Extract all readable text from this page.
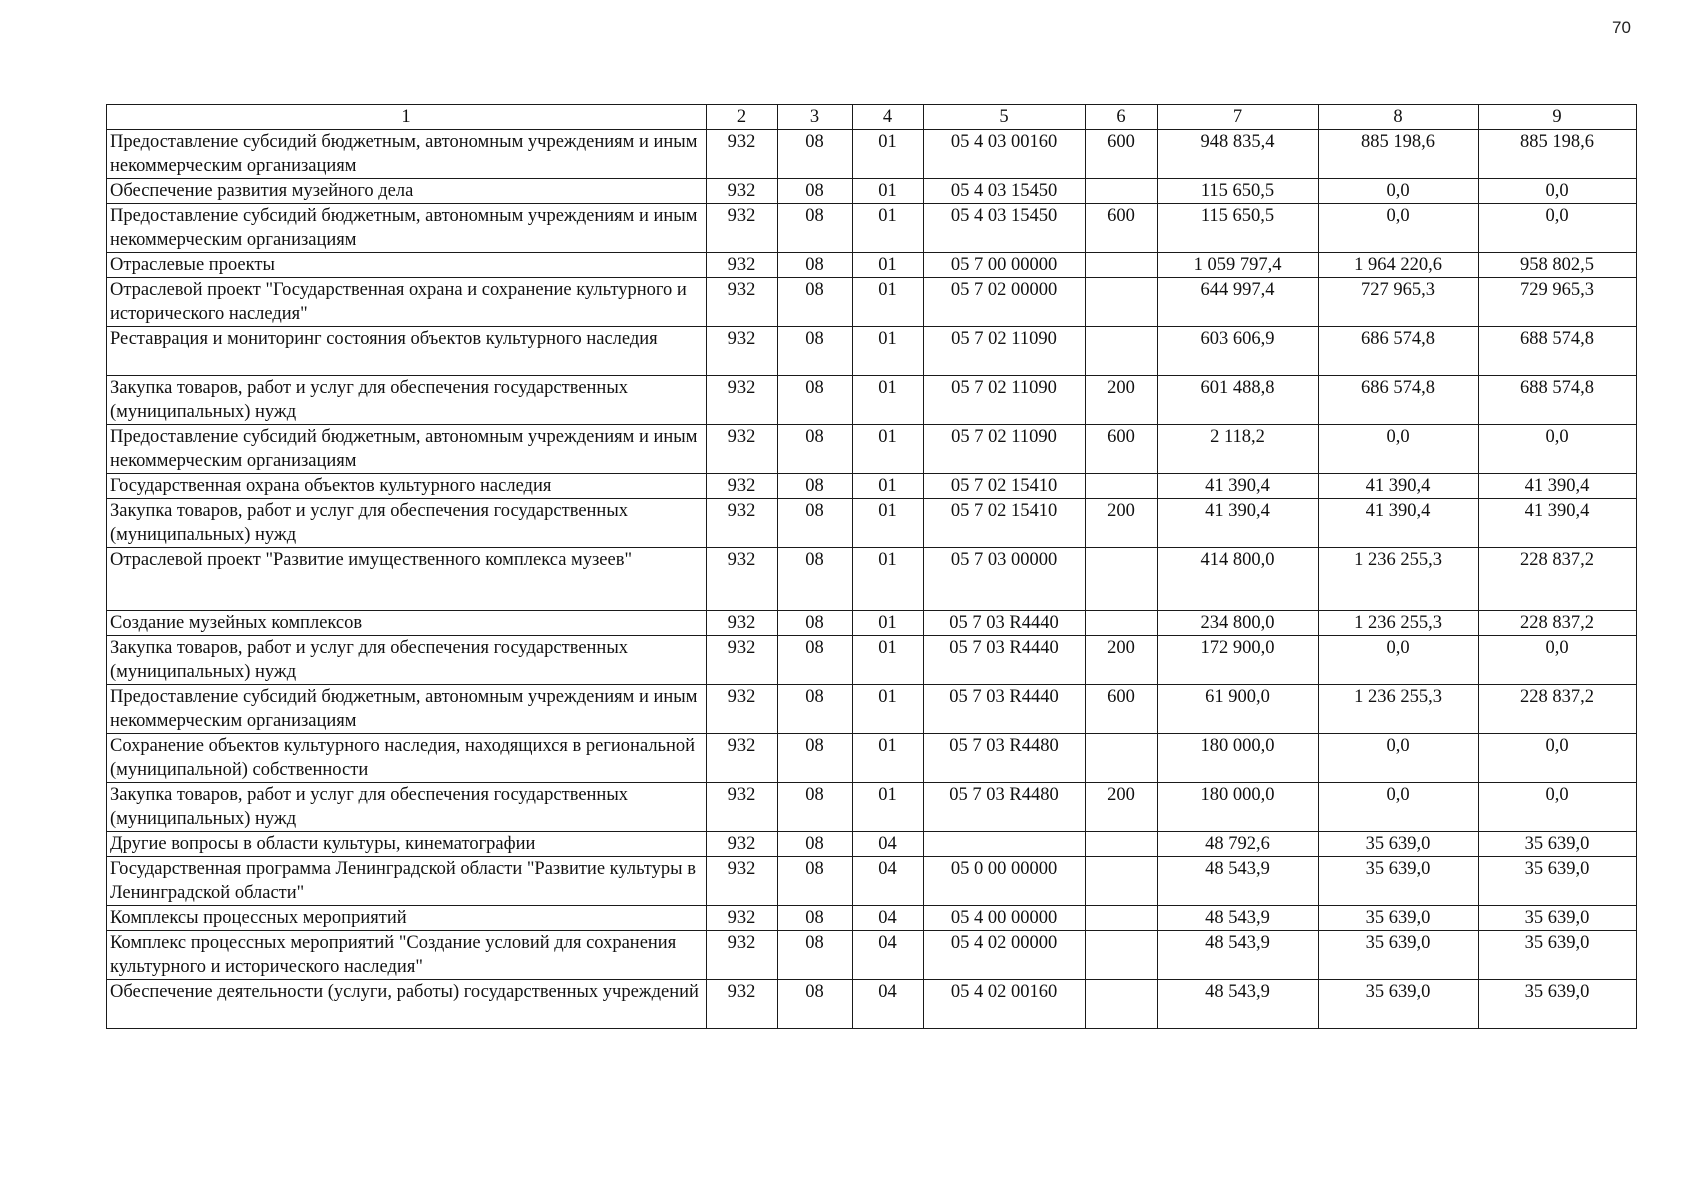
70
1	2	3	4	5	6	7	8	9
Предоставление субсидий бюджетным, автономным учреждениям и иным некоммерческим организациям	932	08	01	05 4 03 00160	600	948 835,4	885 198,6	885 198,6
Обеспечение развития музейного дела	932	08	01	05 4 03 15450		115 650,5	0,0	0,0
Предоставление субсидий бюджетным, автономным учреждениям и иным некоммерческим организациям	932	08	01	05 4 03 15450	600	115 650,5	0,0	0,0
Отраслевые проекты	932	08	01	05 7 00 00000		1 059 797,4	1 964 220,6	958 802,5
Отраслевой проект "Государственная охрана и сохранение культурного и исторического наследия"	932	08	01	05 7 02 00000		644 997,4	727 965,3	729 965,3
Реставрация и мониторинг состояния объектов культурного наследия	932	08	01	05 7 02 11090		603 606,9	686 574,8	688 574,8
Закупка товаров, работ и услуг для обеспечения государственных (муниципальных) нужд	932	08	01	05 7 02 11090	200	601 488,8	686 574,8	688 574,8
Предоставление субсидий бюджетным, автономным учреждениям и иным некоммерческим организациям	932	08	01	05 7 02 11090	600	2 118,2	0,0	0,0
Государственная охрана объектов культурного наследия	932	08	01	05 7 02 15410		41 390,4	41 390,4	41 390,4
Закупка товаров, работ и услуг для обеспечения государственных (муниципальных) нужд	932	08	01	05 7 02 15410	200	41 390,4	41 390,4	41 390,4
Отраслевой проект "Развитие имущественного комплекса музеев"	932	08	01	05 7 03 00000		414 800,0	1 236 255,3	228 837,2
Создание музейных комплексов	932	08	01	05 7 03 R4440		234 800,0	1 236 255,3	228 837,2
Закупка товаров, работ и услуг для обеспечения государственных (муниципальных) нужд	932	08	01	05 7 03 R4440	200	172 900,0	0,0	0,0
Предоставление субсидий бюджетным, автономным учреждениям и иным некоммерческим организациям	932	08	01	05 7 03 R4440	600	61 900,0	1 236 255,3	228 837,2
Сохранение объектов культурного наследия, находящихся в региональной (муниципальной) собственности	932	08	01	05 7 03 R4480		180 000,0	0,0	0,0
Закупка товаров, работ и услуг для обеспечения государственных (муниципальных) нужд	932	08	01	05 7 03 R4480	200	180 000,0	0,0	0,0
Другие вопросы в области культуры, кинематографии	932	08	04			48 792,6	35 639,0	35 639,0
Государственная программа Ленинградской области "Развитие культуры в Ленинградской области"	932	08	04	05 0 00 00000		48 543,9	35 639,0	35 639,0
Комплексы процессных мероприятий	932	08	04	05 4 00 00000		48 543,9	35 639,0	35 639,0
Комплекс процессных мероприятий "Создание условий для сохранения культурного и исторического наследия"	932	08	04	05 4 02 00000		48 543,9	35 639,0	35 639,0
Обеспечение деятельности (услуги, работы) государственных учреждений	932	08	04	05 4 02 00160		48 543,9	35 639,0	35 639,0
